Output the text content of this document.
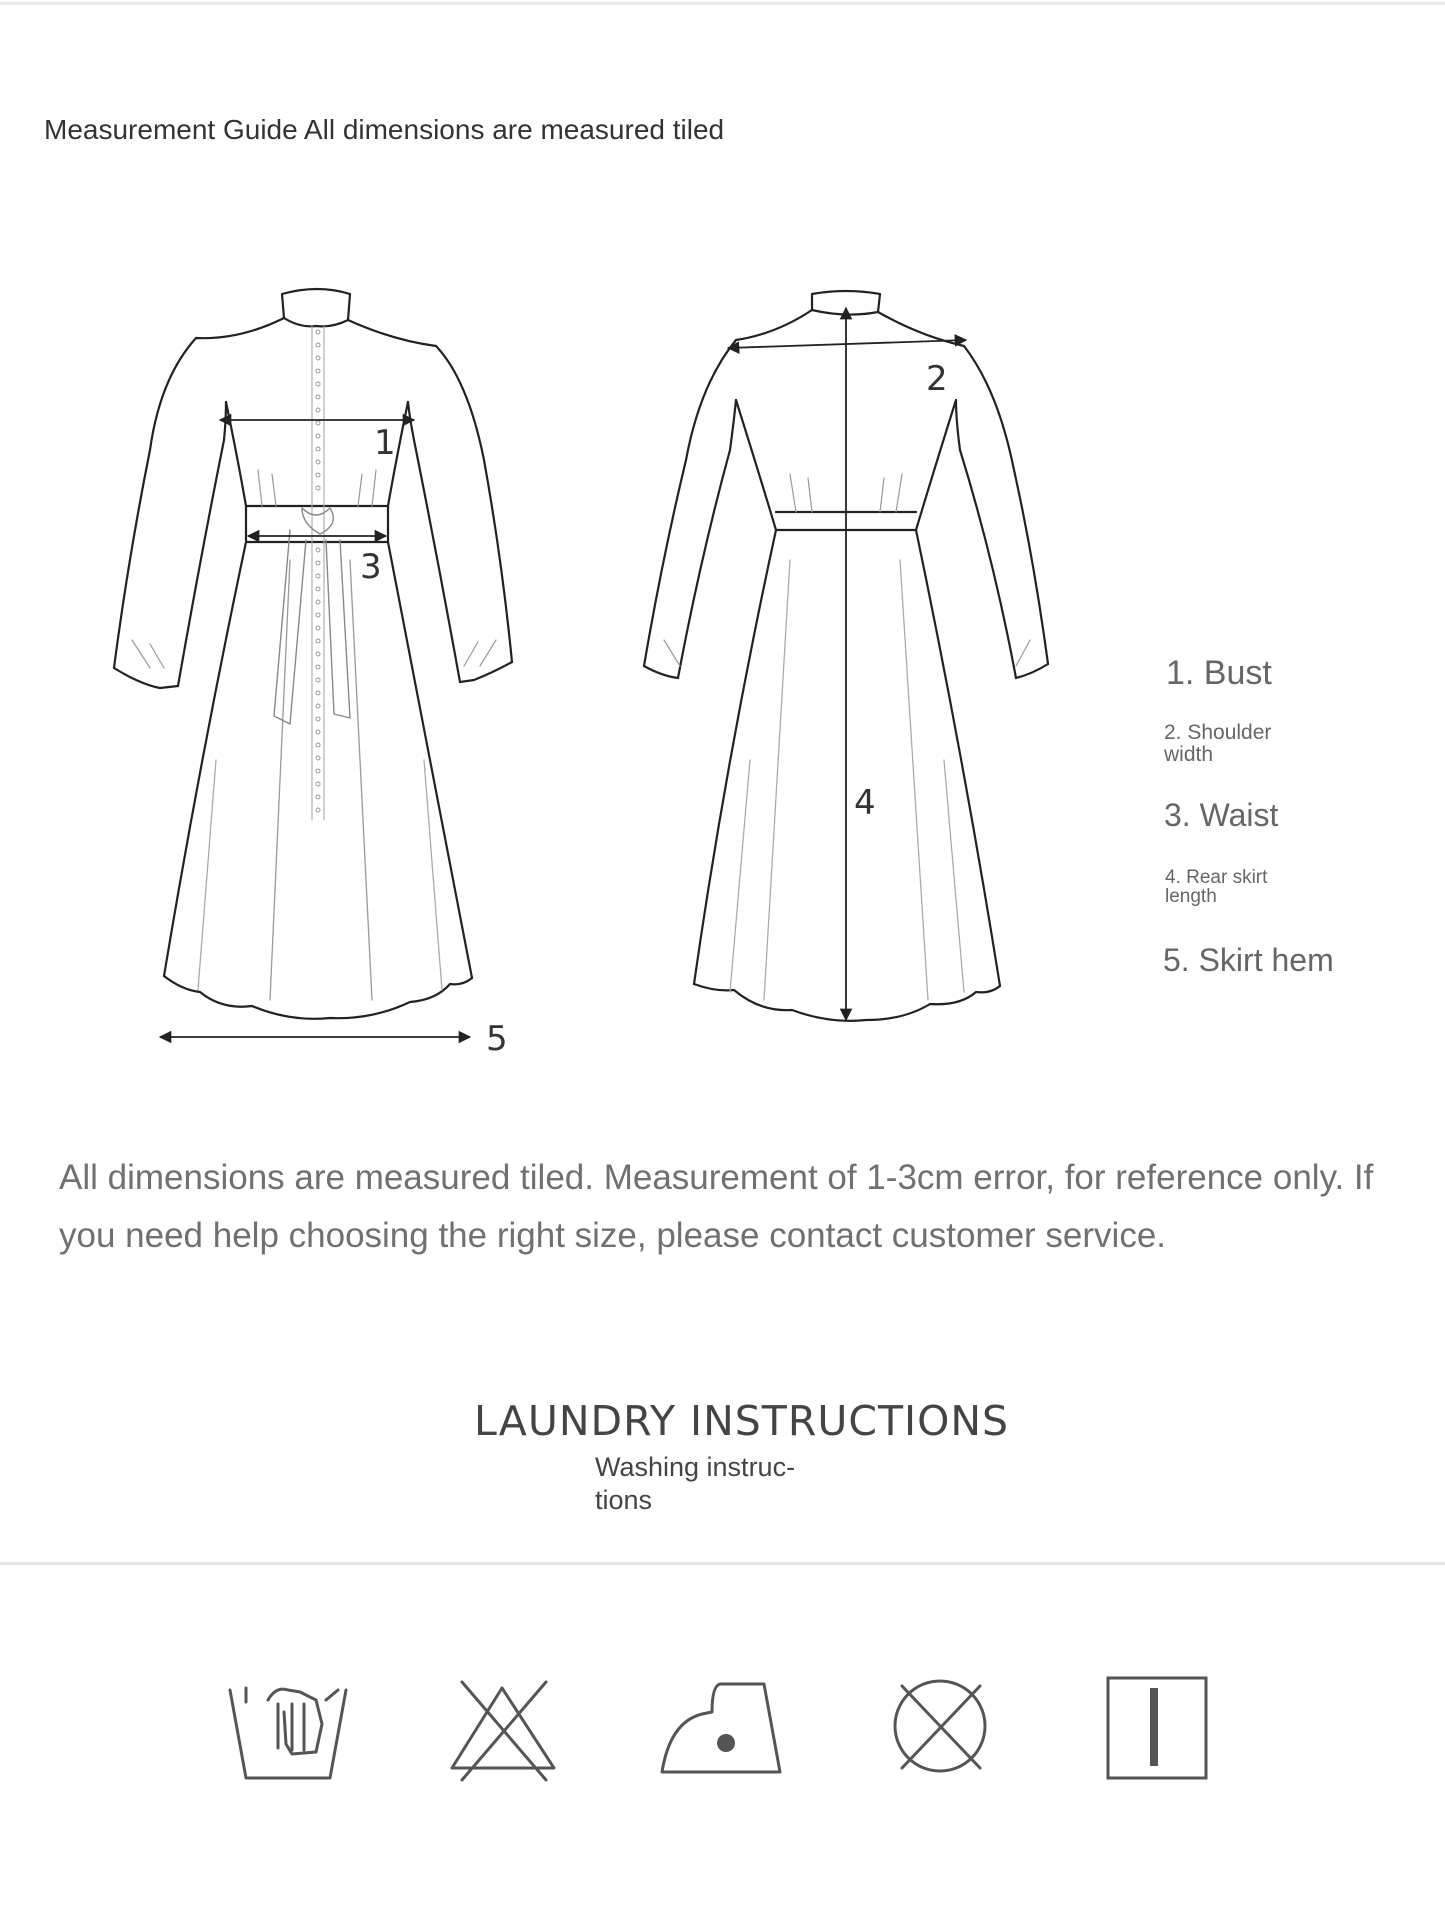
Measurement Guide All dimensions are measured tiled
1
3
5
2
4
1. Bust
2. Shoulder width
3. Waist
4. Rear skirt length
5. Skirt hem
All dimensions are measured tiled. Measurement of 1-3cm error, for reference only. If you need help choosing the right size, please contact customer service.
LAUNDRY INSTRUCTIONS
Washing instruc- tions
